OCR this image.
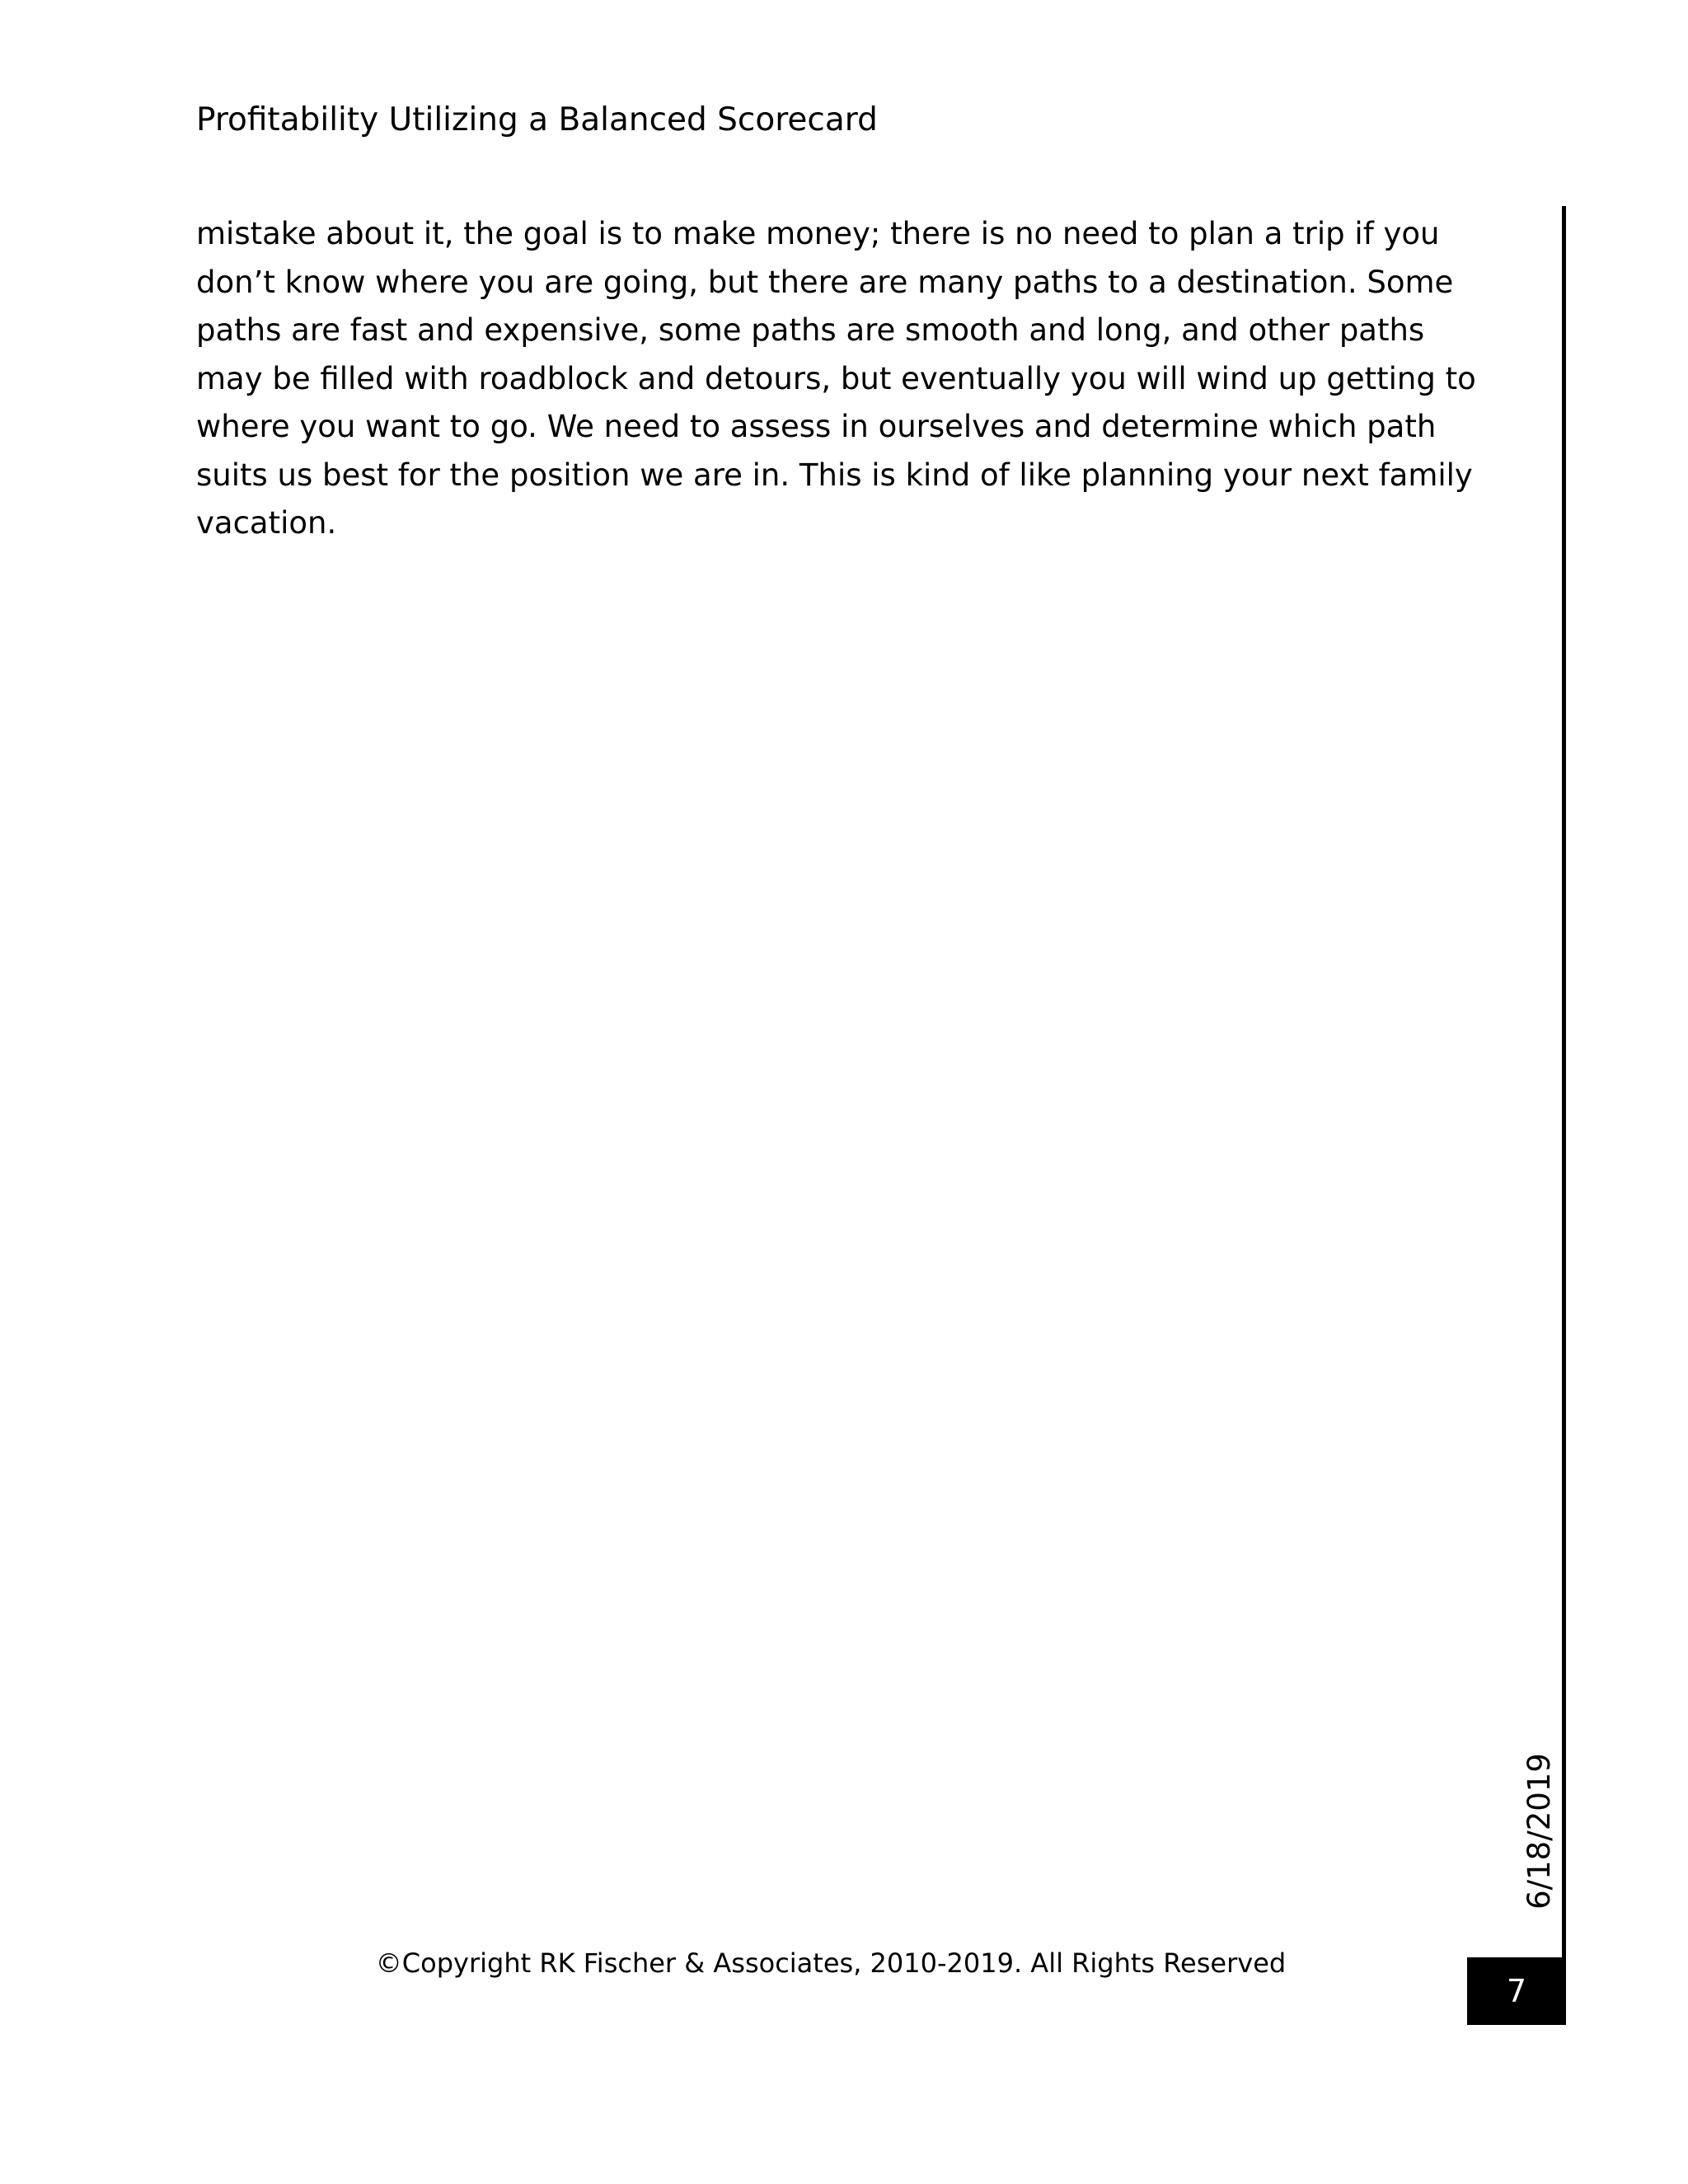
Profitability Utilizing a Balanced Scorecard
mistake about it, the goal is to make money; there is no need to plan a trip if you
don’t know where you are going, but there are many paths to a destination. Some
paths are fast and expensive, some paths are smooth and long, and other paths
may be filled with roadblock and detours, but eventually you will wind up getting to
where you want to go. We need to assess in ourselves and determine which path
suits us best for the position we are in. This is kind of like planning your next family
vacation.
6/18/2019
©Copyright RK Fischer & Associates, 2010-2019. All Rights Reserved
7
